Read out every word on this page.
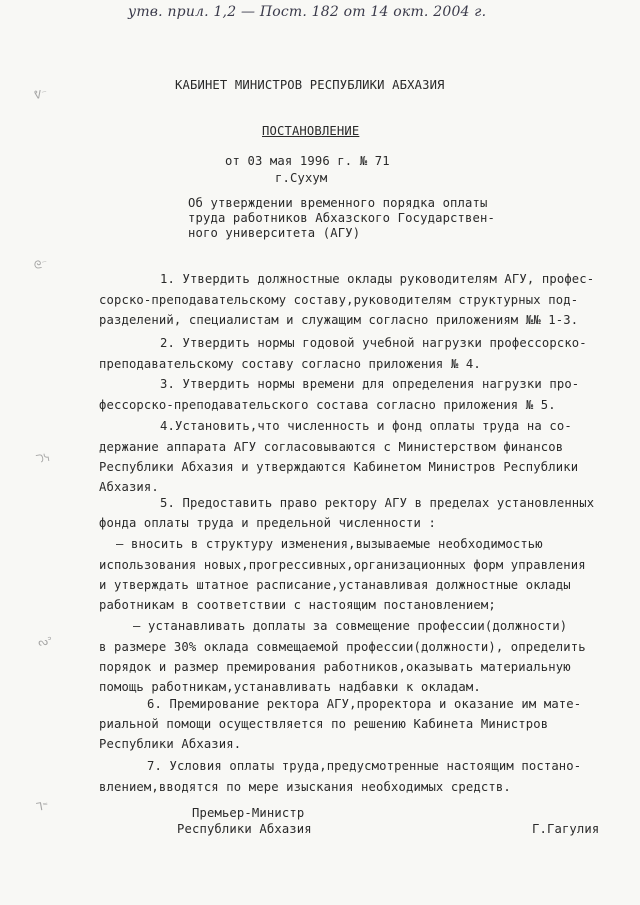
утв. прил. 1,2 — Пост. 182 от 14 окт. 2004 г.
ᕓ⁻
ᘓ⁻
ᘄᓭ
ᔓᐣ
ᒣ⁼
КАБИНЕТ МИНИСТРОВ РЕСПУБЛИКИ АБХАЗИЯ
ПОСТАНОВЛЕНИЕ
от 03 мая 1996 г. № 71
г.Сухум
Об утверждении временного порядка оплаты
труда работников Абхазского Государствен-
ного университета (АГУ)
1. Утвердить должностные оклады руководителям АГУ, профес-
сорско-преподавательскому составу,руководителям структурных под-
разделений, специалистам и служащим согласно приложениям №№ 1-3.
2. Утвердить нормы годовой учебной нагрузки профессорско-
преподавательскому составу согласно приложения № 4.
3. Утвердить нормы времени для определения нагрузки про-
фессорско-преподавательского состава согласно приложения № 5.
4.Установить,что численность и фонд оплаты труда на со-
держание аппарата АГУ согласовываются с Министерством финансов
Республики Абхазия и утверждаются Кабинетом Министров Республики
Абхазия.
5. Предоставить право ректору АГУ в пределах установленных
фонда оплаты труда и предельной численности :
– вносить в структуру изменения,вызываемые необходимостью
использования новых,прогрессивных,организационных форм управления
и утверждать штатное расписание,устанавливая должностные оклады
работникам в соответствии с настоящим постановлением;
– устанавливать доплаты за совмещение профессии(должности)
в размере 30% оклада совмещаемой профессии(должности), определить
порядок и размер премирования работников,оказывать материальную
помощь работникам,устанавливать надбавки к окладам.
6. Премирование ректора АГУ,проректора и оказание им мате-
риальной помощи осуществляется по решению Кабинета Министров
Республики Абхазия.
7. Условия оплаты труда,предусмотренные настоящим постано-
влением,вводятся по мере изыскания необходимых средств.
Премьер-Министр
Республики Абхазия	Г.Гагулия
